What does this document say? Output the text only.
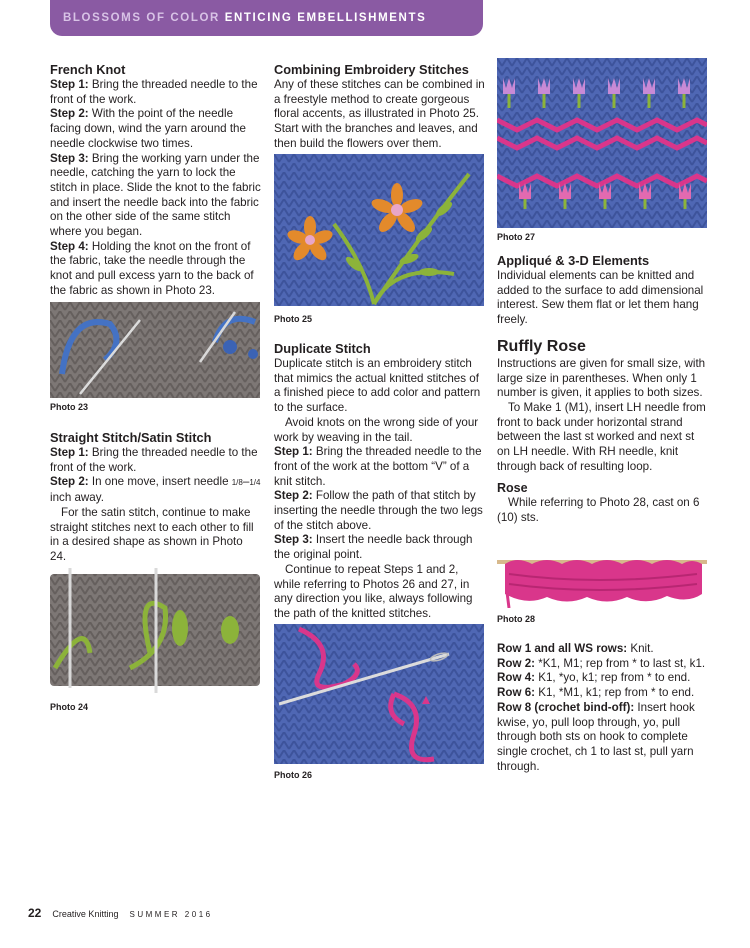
BLOSSOMS OF COLOR ENTICING EMBELLISHMENTS
French Knot

Step 1: Bring the threaded needle to the front of the work.

Step 2: With the point of the needle facing down, wind the yarn around the needle clockwise two times.

Step 3: Bring the working yarn under the needle, catching the yarn to lock the stitch in place. Slide the knot to the fabric and insert the needle back into the fabric on the other side of the same stitch where you began.

Step 4: Holding the knot on the front of the fabric, take the needle through the knot and pull excess yarn to the back of the fabric as shown in Photo 23.

Photo 23
Straight Stitch/Satin Stitch

Step 1: Bring the threaded needle to the front of the work.

Step 2: In one move, insert needle 1/8–1/4 inch away.

For the satin stitch, continue to make straight stitches next to each other to fill in a desired shape as shown in Photo 24.

Photo 24
Combining Embroidery Stitches

Any of these stitches can be combined in a freestyle method to create gorgeous floral accents, as illustrated in Photo 25. Start with the branches and leaves, and then build the flowers over them.

Photo 25
Duplicate Stitch

Duplicate stitch is an embroidery stitch that mimics the actual knitted stitches of a finished piece to add color and pattern to the surface.

Avoid knots on the wrong side of your work by weaving in the tail.

Step 1: Bring the threaded needle to the front of the work at the bottom “V” of a knit stitch.

Step 2: Follow the path of that stitch by inserting the needle through the two legs of the stitch above.

Step 3: Insert the needle back through the original point.

Continue to repeat Steps 1 and 2, while referring to Photos 26 and 27, in any direction you like, always following the path of the knitted stitches.

Photo 26
Photo 27
Appliqué & 3-D Elements

Individual elements can be knitted and added to the surface to add dimensional interest. Sew them flat or let them hang freely.

Ruffly Rose

Instructions are given for small size, with large size in parentheses. When only 1 number is given, it applies to both sizes.

To Make 1 (M1), insert LH needle from front to back under horizontal strand between the last st worked and next st on LH needle. With RH needle, knit through back of resulting loop.

Rose

While referring to Photo 28, cast on 6 (10) sts.

Photo 28

Row 1 and all WS rows: Knit.

Row 2: *K1, M1; rep from * to last st, k1.

Row 4: K1, *yo, k1; rep from * to end.

Row 6: K1, *M1, k1; rep from * to end.

Row 8 (crochet bind-off): Insert hook kwise, yo, pull loop through, yo, pull through both sts on hook to complete single crochet, ch 1 to last st, pull yarn through.

22 Creative Knitting SUMMER 2016
